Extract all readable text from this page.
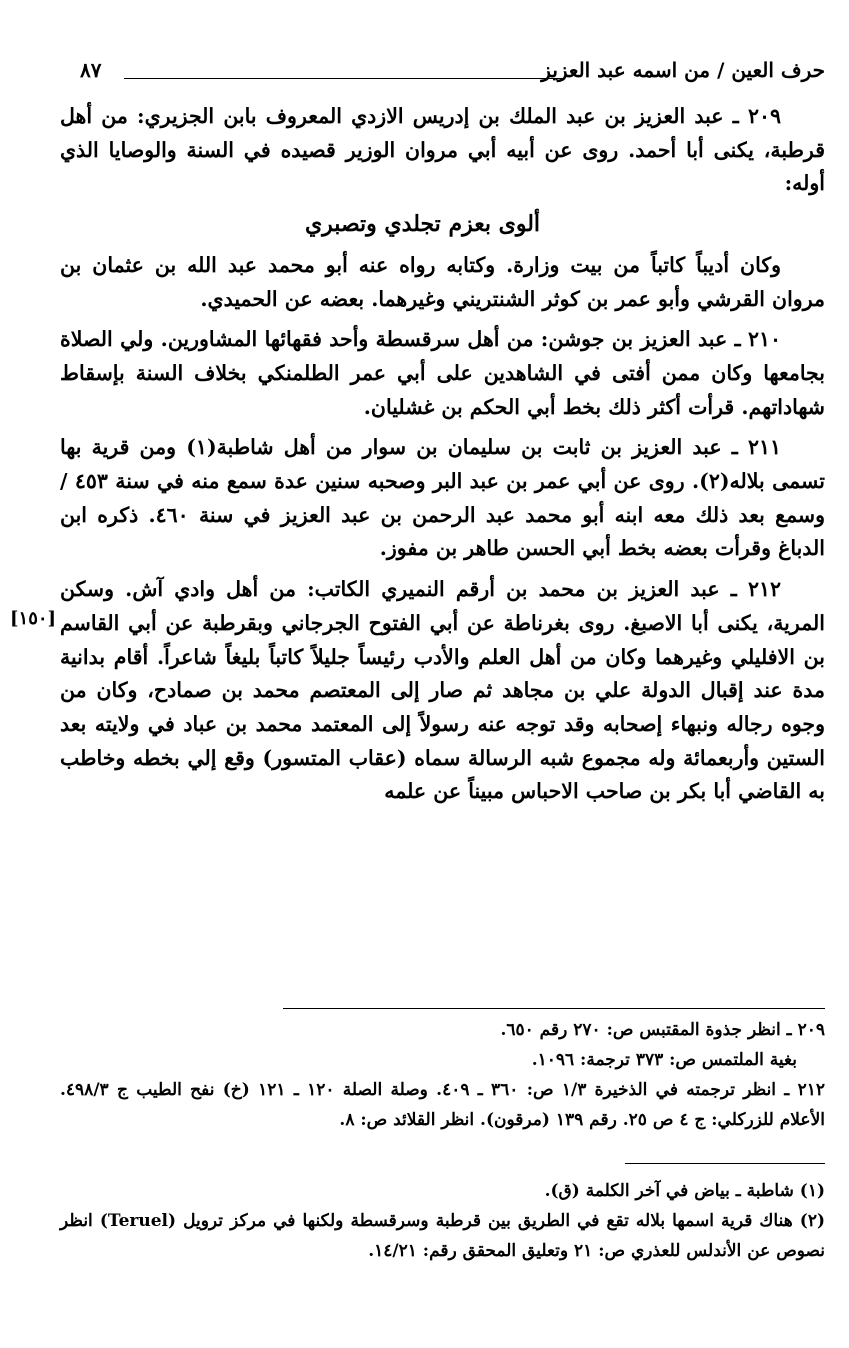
حرف العين / من اسمه عبد العزيز
٨٧
[١٥٠]

٢٠٩ ـ عبد العزيز بن عبد الملك بن إدريس الازدي المعروف بابن الجزيري: من أهل قرطبة، يكنى أبا أحمد. روى عن أبيه أبي مروان الوزير قصيده في السنة والوصايا الذي أوله:

ألوى بعزم تجلدي وتصبري

وكان أديباً كاتباً من بيت وزارة. وكتابه رواه عنه أبو محمد عبد الله بن عثمان بن مروان القرشي وأبو عمر بن كوثر الشنتريني وغيرهما. بعضه عن الحميدي.

٢١٠ ـ عبد العزيز بن جوشن: من أهل سرقسطة وأحد فقهائها المشاورين. ولي الصلاة بجامعها وكان ممن أفتى في الشاهدين على أبي عمر الطلمنكي بخلاف السنة بإسقاط شهاداتهم. قرأت أكثر ذلك بخط أبي الحكم بن غشليان.

٢١١ ـ عبد العزيز بن ثابت بن سليمان بن سوار من أهل شاطبة(١) ومن قرية بها تسمى بلاله(٢). روى عن أبي عمر بن عبد البر وصحبه سنين عدة سمع منه في سنة ٤٥٣ / وسمع بعد ذلك معه ابنه أبو محمد عبد الرحمن بن عبد العزيز في سنة ٤٦٠. ذكره ابن الدباغ وقرأت بعضه بخط أبي الحسن طاهر بن مفوز.

٢١٢ ـ عبد العزيز بن محمد بن أرقم النميري الكاتب: من أهل وادي آش. وسكن المرية، يكنى أبا الاصبغ. روى بغرناطة عن أبي الفتوح الجرجاني وبقرطبة عن أبي القاسم بن الافليلي وغيرهما وكان من أهل العلم والأدب رئيساً جليلاً كاتباً بليغاً شاعراً. أقام بدانية مدة عند إقبال الدولة علي بن مجاهد ثم صار إلى المعتصم محمد بن صمادح، وكان من وجوه رجاله ونبهاء إصحابه وقد توجه عنه رسولاً إلى المعتمد محمد بن عباد في ولايته بعد الستين وأربعمائة وله مجموع شبه الرسالة سماه (عقاب المتسور) وقع إلي بخطه وخاطب به القاضي أبا بكر بن صاحب الاحباس مبيناً عن علمه

٢٠٩ ـ انظر جذوة المقتبس ص: ٢٧٠ رقم ٦٥٠.

بغية الملتمس ص: ٣٧٣ ترجمة: ١٠٩٦.

٢١٢ ـ انظر ترجمته في الذخيرة ١/٣ ص: ٣٦٠ ـ ٤٠٩. وصلة الصلة ١٢٠ ـ ١٢١ (خ) نفح الطيب ج ٤٩٨/٣. الأعلام للزركلي: ج ٤ ص ٢٥. رقم ١٣٩ (مرقون). انظر القلائد ص: ٨.

(١) شاطبة ـ بياض في آخر الكلمة (ق).

(٢) هناك قرية اسمها بلاله تقع في الطريق بين قرطبة وسرقسطة ولكنها في مركز ترويل (Teruel) انظر نصوص عن الأندلس للعذري ص: ٢١ وتعليق المحقق رقم: ١٤/٢١.
